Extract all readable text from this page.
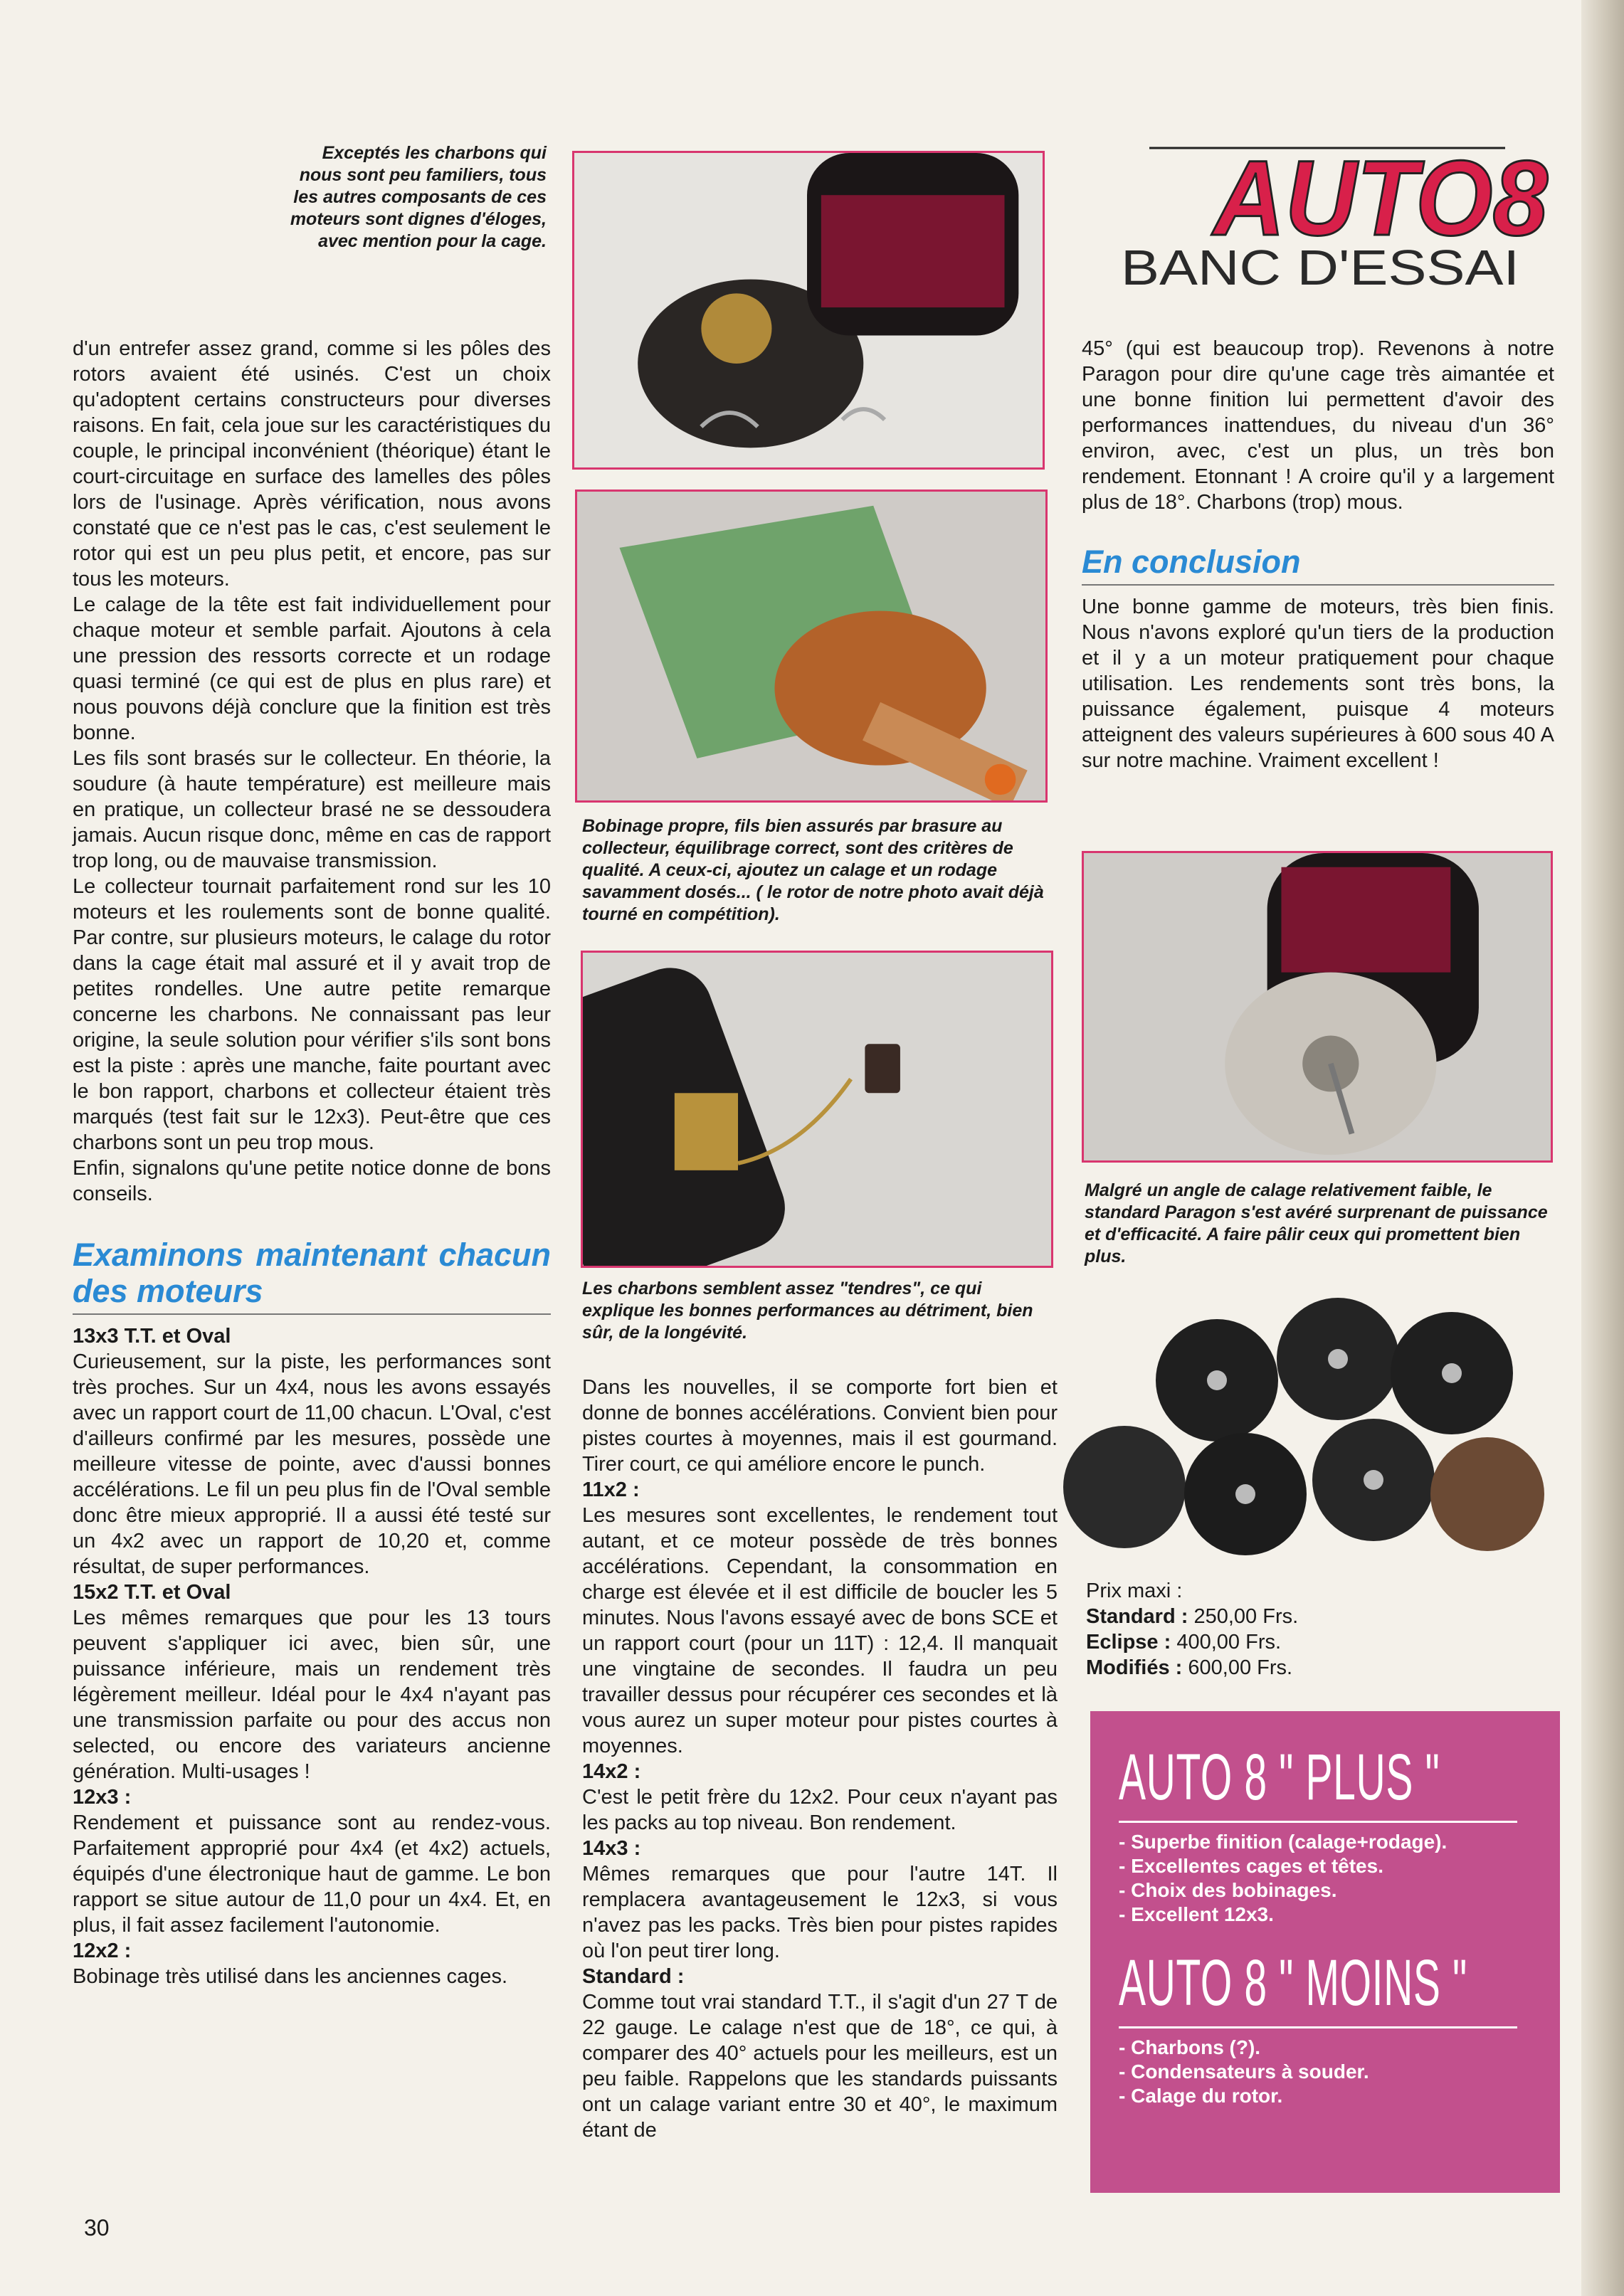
Exceptés les charbons qui nous sont peu familiers, tous les autres composants de ces moteurs sont dignes d'éloges, avec mention pour la cage.

d'un entrefer assez grand, comme si les pôles des rotors avaient été usinés. C'est un choix qu'adoptent certains constructeurs pour diverses raisons. En fait, cela joue sur les caractéristiques du couple, le principal inconvénient (théorique) étant le court-circuitage en surface des lamelles des pôles lors de l'usinage. Après vérification, nous avons constaté que ce n'est pas le cas, c'est seulement le rotor qui est un peu plus petit, et encore, pas sur tous les moteurs.

Le calage de la tête est fait individuellement pour chaque moteur et semble parfait. Ajoutons à cela une pression des ressorts correcte et un rodage quasi terminé (ce qui est de plus en plus rare) et nous pouvons déjà conclure que la finition est très bonne.

Les fils sont brasés sur le collecteur. En théorie, la soudure (à haute température) est meilleure mais en pratique, un collecteur brasé ne se dessoudera jamais. Aucun risque donc, même en cas de rapport trop long, ou de mauvaise transmission.

Le collecteur tournait parfaitement rond sur les 10 moteurs et les roulements sont de bonne qualité. Par contre, sur plusieurs moteurs, le calage du rotor dans la cage était mal assuré et il y avait trop de petites rondelles. Une autre petite remarque concerne les charbons. Ne connaissant pas leur origine, la seule solution pour vérifier s'ils sont bons est la piste : après une manche, faite pourtant avec le bon rapport, charbons et collecteur étaient très marqués (test fait sur le 12x3). Peut-être que ces charbons sont un peu trop mous.

Enfin, signalons qu'une petite notice donne de bons conseils.

Examinons maintenant chacun des moteurs

13x3 T.T. et Oval

Curieusement, sur la piste, les performances sont très proches. Sur un 4x4, nous les avons essayés avec un rapport court de 11,00 chacun. L'Oval, c'est d'ailleurs confirmé par les mesures, possède une meilleure vitesse de pointe, avec d'aussi bonnes accélérations. Le fil un peu plus fin de l'Oval semble donc être mieux approprié. Il a aussi été testé sur un 4x2 avec un rapport de 10,20 et, comme résultat, de super performances.

15x2 T.T. et Oval

Les mêmes remarques que pour les 13 tours peuvent s'appliquer ici avec, bien sûr, une puissance inférieure, mais un rendement très légèrement meilleur. Idéal pour le 4x4 n'ayant pas une transmission parfaite ou pour des accus non selected, ou encore des variateurs ancienne génération. Multi-usages !

12x3 :

Rendement et puissance sont au rendez-vous. Parfaitement approprié pour 4x4 (et 4x2) actuels, équipés d'une électronique haut de gamme. Le bon rapport se situe autour de 11,0 pour un 4x4. Et, en plus, il fait assez facilement l'autonomie.

12x2 :

Bobinage très utilisé dans les anciennes cages.

Bobinage propre, fils bien assurés par brasure au collecteur, équilibrage correct, sont des critères de qualité. A ceux-ci, ajoutez un calage et un rodage savamment dosés... ( le rotor de notre photo avait déjà tourné en compétition).

Les charbons semblent assez "tendres", ce qui explique les bonnes performances au détriment, bien sûr, de la longévité.

Dans les nouvelles, il se comporte fort bien et donne de bonnes accélérations. Convient bien pour pistes courtes à moyennes, mais il est gourmand. Tirer court, ce qui améliore encore le punch.

11x2 :

Les mesures sont excellentes, le rendement tout autant, et ce moteur possède de très bonnes accélérations. Cependant, la consommation en charge est élevée et il est difficile de boucler les 5 minutes. Nous l'avons essayé avec de bons SCE et un rapport court (pour un 11T) : 12,4. Il manquait une vingtaine de secondes. Il faudra un peu travailler dessus pour récupérer ces secondes et là vous aurez un super moteur pour pistes courtes à moyennes.

14x2 :

C'est le petit frère du 12x2. Pour ceux n'ayant pas les packs au top niveau. Bon rendement.

14x3 :

Mêmes remarques que pour l'autre 14T. Il remplacera avantageusement le 12x3, si vous n'avez pas les packs. Très bien pour pistes rapides où l'on peut tirer long.

Standard :

Comme tout vrai standard T.T., il s'agit d'un 27 T de 22 gauge. Le calage n'est que de 18°, ce qui, à comparer des 40° actuels pour les meilleurs, est un peu faible. Rappelons que les standards puissants ont un calage variant entre 30 et 40°, le maximum étant de

AUTO8
BANC D'ESSAI

45° (qui est beaucoup trop). Revenons à notre Paragon pour dire qu'une cage très aimantée et une bonne finition lui permettent d'avoir des performances inattendues, du niveau d'un 36° environ, avec, c'est un plus, un très bon rendement. Etonnant ! A croire qu'il y a largement plus de 18°. Charbons (trop) mous.

En conclusion

Une bonne gamme de moteurs, très bien finis. Nous n'avons exploré qu'un tiers de la production et il y a un moteur pratiquement pour chaque utilisation. Les rendements sont très bons, la puissance également, puisque 4 moteurs atteignent des valeurs supérieures à 600 sous 40 A sur notre machine. Vraiment excellent !

Malgré un angle de calage relativement faible, le standard Paragon s'est avéré surprenant de puissance et d'efficacité. A faire pâlir ceux qui promettent bien plus.

Prix maxi :
Standard : 250,00 Frs.
Eclipse : 400,00 Frs.
Modifiés : 600,00 Frs.

AUTO 8 " PLUS "

- Superbe finition (calage+rodage).
- Excellentes cages et têtes.
- Choix des bobinages.
- Excellent 12x3.

AUTO 8 " MOINS "

- Charbons (?).
- Condensateurs à souder.
- Calage du rotor.
30
